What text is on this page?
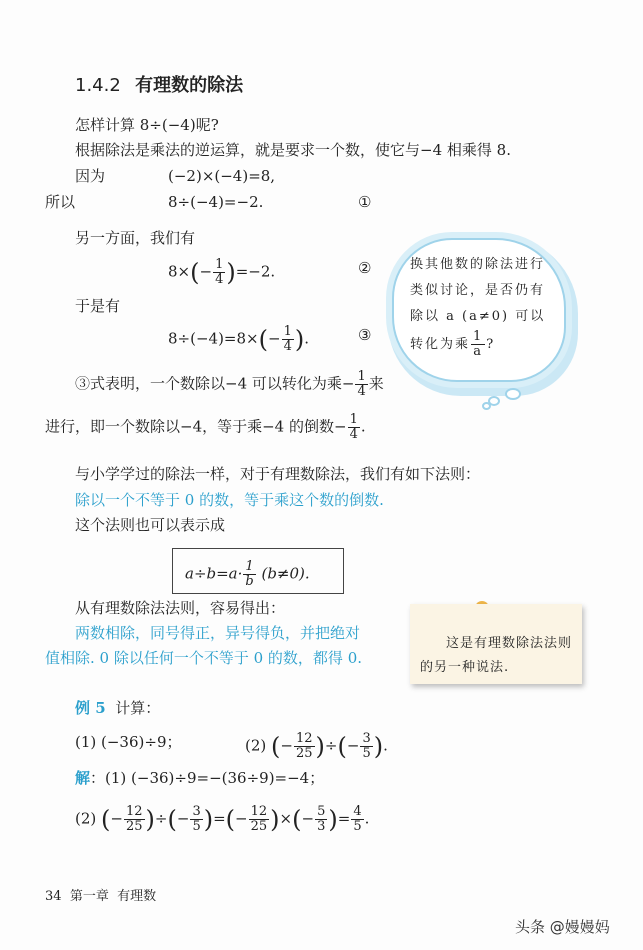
1.4.2 有理数的除法
怎样计算 8÷(−4)呢?
根据除法是乘法的逆运算，就是要求一个数，使它与−4 相乘得 8.
因为	(−2)×(−4)=8,
所以	8÷(−4)=−2.	①
另一方面，我们有
$8\times(- \frac{1}{4} )=-2$.	②
于是有
$8\div(-4)=8\times(- \frac{1}{4}$ ).	③
③式表明，一个数除以−4 可以转化为乘− $\frac{1}{4}$ 来
进行，即一个数除以−4，等于乘−4 的倒数− $\frac{1}{4}$ .
换其他数的除法进行类似讨论，是否仍有除以 a (a≠0) 可以转化为乘 $\frac{1}{a}$ ?
与小学学过的除法一样，对于有理数除法，我们有如下法则：
除以一个不等于 0 的数，等于乘这个数的倒数.
这个法则也可以表示成
$a\div b=a\cdot \frac{1}{b} (b\ne 0)$.
从有理数除法法则，容易得出：
两数相除，同号得正，异号得负，并把绝对
值相除. 0 除以任何一个不等于 0 的数，都得 0.
这是有理数除法法则的另一种说法.
例 5 计算：
(1) (−36)÷9；	(2) (− $\frac{12}{25}$ )÷(− $\frac{3}{5}$ ).
解：(1) (−36)÷9=−(36÷9)=−4；
(2) (− $\frac{12}{25}$ )÷(− $\frac{3}{5}$ )=(− $\frac{12}{25}$ )×(− $\frac{5}{3}$ )= $\frac{4}{5}$ .
34 第一章 有理数
头条 @嫚嫚妈
